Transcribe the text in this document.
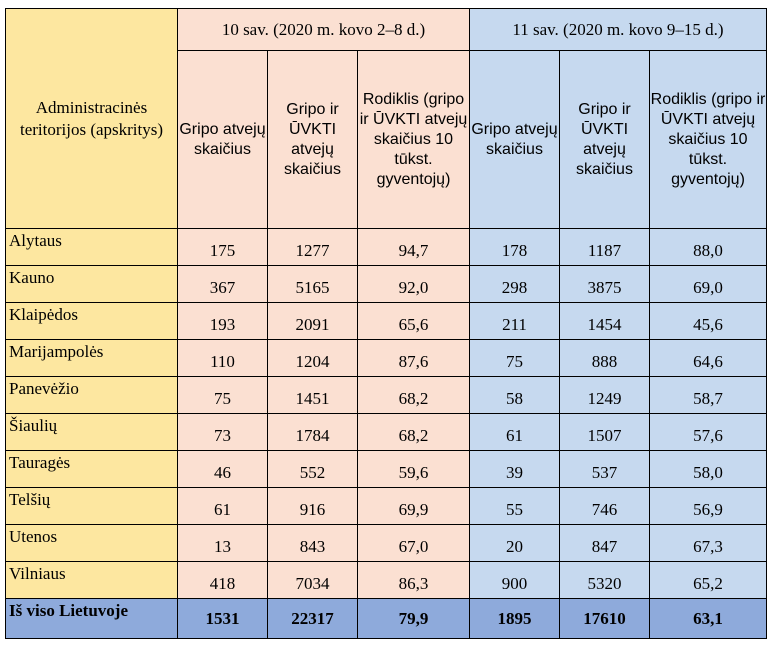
Administracinės teritorijos (apskritys)	10 sav. (2020 m. kovo 2–8 d.)			11 sav. (2020 m. kovo 9–15 d.)		
	Gripo atvejų skaičius	Gripo ir ŪVKTI atvejų skaičius	Rodiklis (gripo ir ŪVKTI atvejų skaičius 10 tūkst. gyventojų)	Gripo atvejų skaičius	Gripo ir ŪVKTI atvejų skaičius	Rodiklis (gripo ir ŪVKTI atvejų skaičius 10 tūkst. gyventojų)
Alytaus	175	1277	94,7	178	1187	88,0
Kauno	367	5165	92,0	298	3875	69,0
Klaipėdos	193	2091	65,6	211	1454	45,6
Marijampolės	110	1204	87,6	75	888	64,6
Panevėžio	75	1451	68,2	58	1249	58,7
Šiaulių	73	1784	68,2	61	1507	57,6
Tauragės	46	552	59,6	39	537	58,0
Telšių	61	916	69,9	55	746	56,9
Utenos	13	843	67,0	20	847	67,3
Vilniaus	418	7034	86,3	900	5320	65,2
Iš viso Lietuvoje	1531	22317	79,9	1895	17610	63,1
